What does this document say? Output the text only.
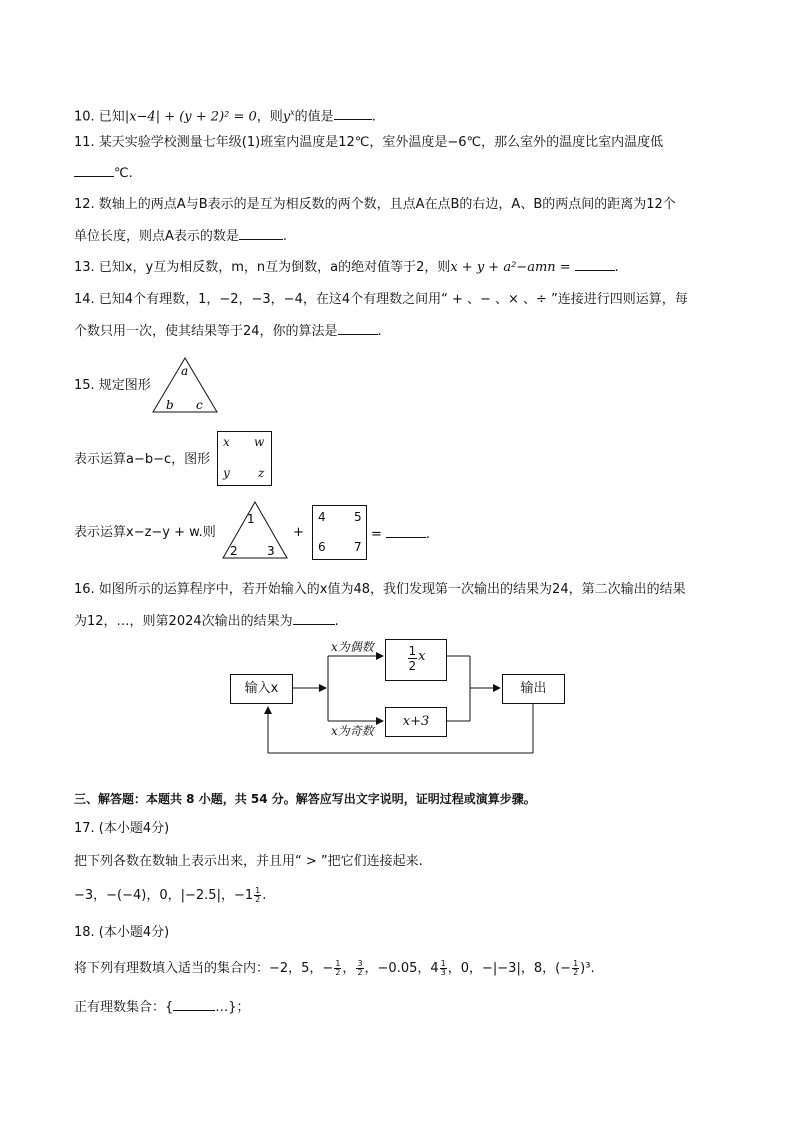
10. 已知|x−4| + (y + 2)² = 0，则$y^x$的值是	.
11. 某天实验学校测量七年级(1)班室内温度是12℃，室外温度是−6℃，那么室外的温度比室内温度低
℃.
12. 数轴上的两点A与B表示的是互为相反数的两个数，且点A在点B的右边，A、B的两点间的距离为12个
单位长度，则点A表示的数是	.
13. 已知x，y互为相反数，m，n互为倒数，a的绝对值等于2，则x + y + a²−amn =	.
14. 已知4个有理数，1，−2，−3，−4，在这4个有理数之间用“ + 、− 、× 、÷ ”连接进行四则运算，每
个数只用一次，使其结果等于24，你的算法是	.
15. 规定图形
a
b c
表示运算a−b−c，图形
x w
y z
表示运算x−z−y + w.则
1
2 3
+
4 5
6 7
=	.
16. 如图所示的运算程序中，若开始输入的x值为48，我们发现第一次输出的结果为24，第二次输出的结果
为12，…，则第2024次输出的结果为	.
输入x
x为偶数	$\frac{1}{2}$ x
x为奇数
x+3
输出
三、解答题：本题共 8 小题，共 54 分。解答应写出文字说明，证明过程或演算步骤。
17. (本小题4分)
把下列各数在数轴上表示出来，并且用“ > ”把它们连接起来.
−3，−(−4)，0，|−2.5|，$-1 \frac{1}{2}$ .
18. (本小题4分)
将下列有理数填入适当的集合内：−2，5，− $\frac{1}{2}$ ， $\frac{3}{2}$ ，−0.05，$4 \frac{1}{3}$ ，0，−|−3|，8，(− $\frac{1}{2} )^3$.
正有理数集合：{	…}；
